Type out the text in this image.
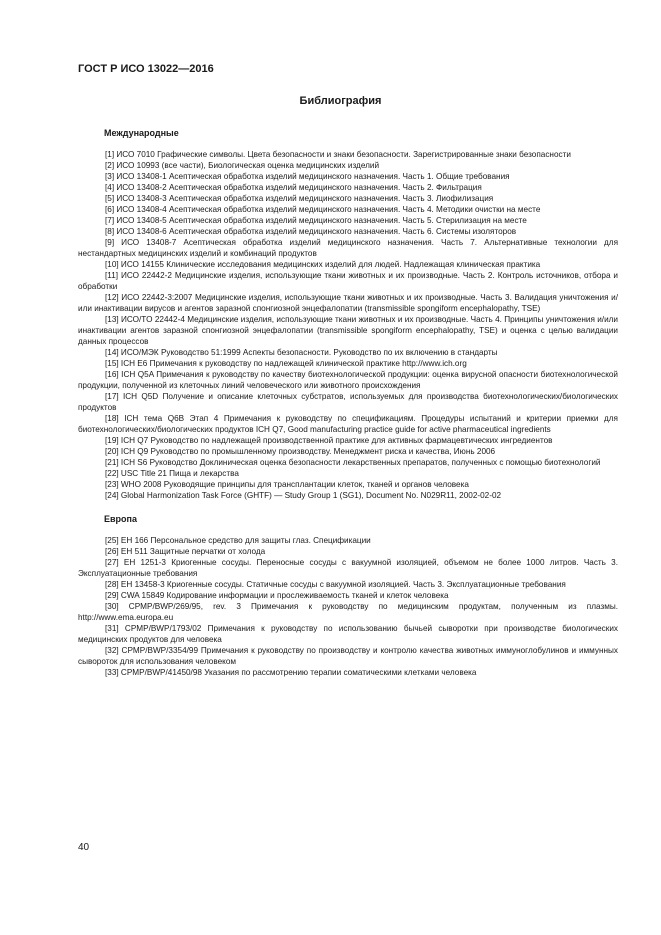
ГОСТ Р ИСО 13022—2016
Библиография
Международные

[1] ИСО 7010 Графические символы. Цвета безопасности и знаки безопасности. Зарегистрированные знаки безопасности

[2] ИСО 10993 (все части), Биологическая оценка медицинских изделий

[3] ИСО 13408-1 Асептическая обработка изделий медицинского назначения. Часть 1. Общие требования

[4] ИСО 13408-2 Асептическая обработка изделий медицинского назначения. Часть 2. Фильтрация

[5] ИСО 13408-3 Асептическая обработка изделий медицинского назначения. Часть 3. Лиофилизация

[6] ИСО 13408-4 Асептическая обработка изделий медицинского назначения. Часть 4. Методики очистки на месте

[7] ИСО 13408-5 Асептическая обработка изделий медицинского назначения. Часть 5. Стерилизация на месте

[8] ИСО 13408-6 Асептическая обработка изделий медицинского назначения. Часть 6. Системы изоляторов

[9] ИСО 13408-7 Асептическая обработка изделий медицинского назначения. Часть 7. Альтернативные технологии для нестандартных медицинских изделий и комбинаций продуктов

[10] ИСО 14155 Клинические исследования медицинских изделий для людей. Надлежащая клиническая практика

[11] ИСО 22442-2 Медицинские изделия, использующие ткани животных и их производные. Часть 2. Контроль источников, отбора и обработки

[12] ИСО 22442-3:2007 Медицинские изделия, использующие ткани животных и их производные. Часть 3. Валидация уничтожения и/или инактивации вирусов и агентов заразной спонгиозной энцефалопатии (transmissible spongiform encephalopathy, TSE)

[13] ИСО/TO 22442-4 Медицинские изделия, использующие ткани животных и их производные. Часть 4. Принципы уничтожения и/или инактивации агентов заразной спонгиозной энцефалопатии (transmissible spongiform encephalopathy, TSE) и оценка с целью валидации данных процессов

[14] ИСО/МЭК Руководство 51:1999 Аспекты безопасности. Руководство по их включению в стандарты

[15] ICH E6 Примечания к руководству по надлежащей клинической практике http://www.ich.org

[16] ICH Q5A Примечания к руководству по качеству биотехнологической продукции: оценка вирусной опасности биотехнологической продукции, полученной из клеточных линий человеческого или животного происхождения

[17] ICH Q5D Получение и описание клеточных субстратов, используемых для производства биотехнологических/биологических продуктов

[18] ICH тема Q6B Этап 4 Примечания к руководству по спецификациям. Процедуры испытаний и критерии приемки для биотехнологических/биологических продуктов ICH Q7, Good manufacturing practice guide for active pharmaceutical ingredients

[19] ICH Q7 Руководство по надлежащей производственной практике для активных фармацевтических ингредиентов

[20] ICH Q9 Руководство по промышленному производству. Менеджмент риска и качества, Июнь 2006

[21] ICH S6 Руководство Доклиническая оценка безопасности лекарственных препаратов, полученных с помощью биотехнологий

[22] USC Title 21 Пища и лекарства

[23] WHO 2008 Руководящие принципы для трансплантации клеток, тканей и органов человека

[24] Global Harmonization Task Force (GHTF) — Study Group 1 (SG1), Document No. N029R11, 2002-02-02

Европа

[25] ЕН 166 Персональное средство для защиты глаз. Спецификации

[26] ЕН 511 Защитные перчатки от холода

[27] ЕН 1251-3 Криогенные сосуды. Переносные сосуды с вакуумной изоляцией, объемом не более 1000 литров. Часть 3. Эксплуатационные требования

[28] ЕН 13458-3 Криогенные сосуды. Статичные сосуды с вакуумной изоляцией. Часть 3. Эксплуатационные требования

[29] CWA 15849 Кодирование информации и прослеживаемость тканей и клеток человека

[30] CPMP/BWP/269/95, rev. 3 Примечания к руководству по медицинским продуктам, полученным из плазмы. http://www.ema.europa.eu

[31] CPMP/BWP/1793/02 Примечания к руководству по использованию бычьей сыворотки при производстве биологических медицинских продуктов для человека

[32] CPMP/BWP/3354/99 Примечания к руководству по производству и контролю качества животных иммуноглобулинов и иммунных сывороток для использования человеком

[33] CPMP/BWP/41450/98 Указания по рассмотрению терапии соматическими клетками человека

40
